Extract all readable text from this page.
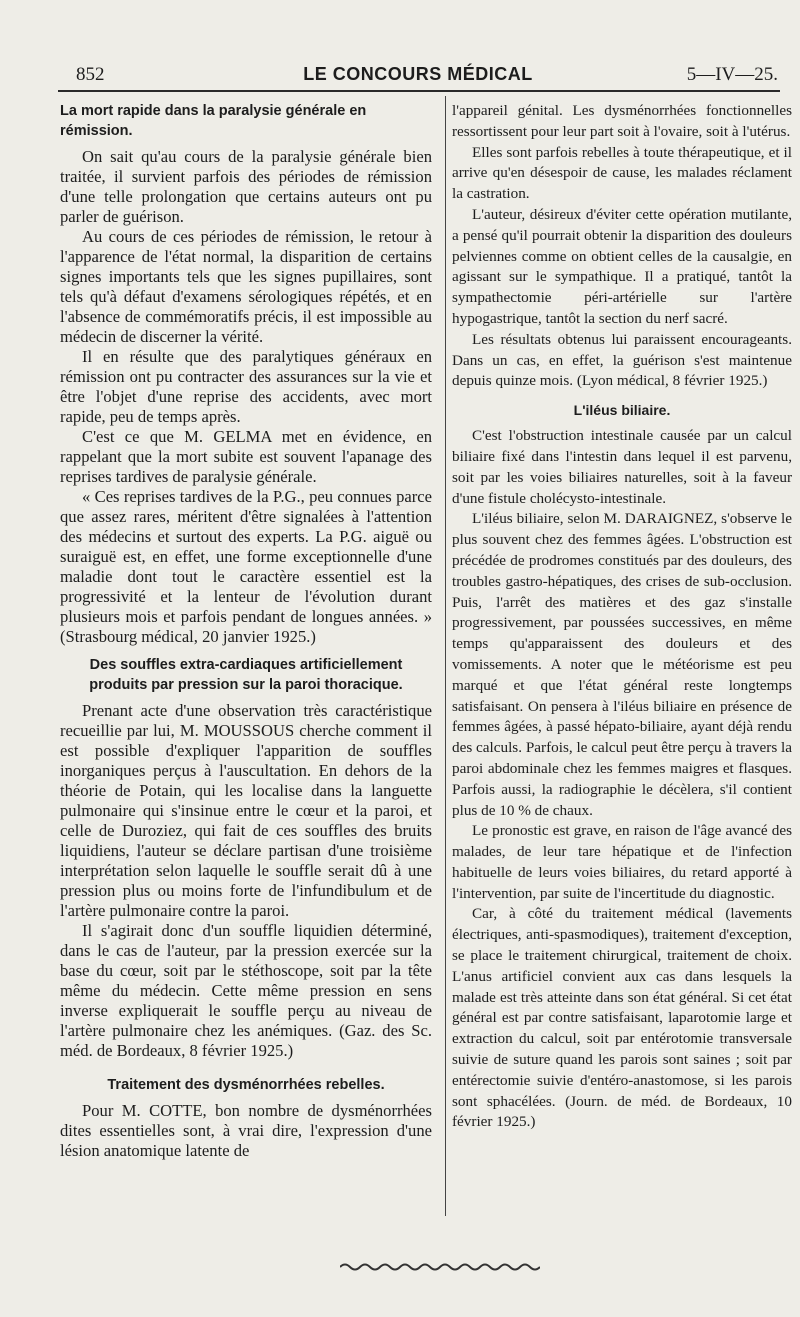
852	LE CONCOURS MÉDICAL	5—IV—25.
La mort rapide dans la paralysie générale en rémission.

On sait qu'au cours de la paralysie générale bien traitée, il survient parfois des périodes de rémission d'une telle prolongation que certains auteurs ont pu parler de guérison.

Au cours de ces périodes de rémission, le retour à l'apparence de l'état normal, la disparition de certains signes importants tels que les signes pupillaires, sont tels qu'à défaut d'examens sérologiques répétés, et en l'absence de commémoratifs précis, il est impossible au médecin de discerner la vérité.

Il en résulte que des paralytiques généraux en rémission ont pu contracter des assurances sur la vie et être l'objet d'une reprise des accidents, avec mort rapide, peu de temps après.

C'est ce que M. GELMA met en évidence, en rappelant que la mort subite est souvent l'apanage des reprises tardives de paralysie générale.

« Ces reprises tardives de la P.G., peu connues parce que assez rares, méritent d'être signalées à l'attention des médecins et surtout des experts. La P.G. aiguë ou suraiguë est, en effet, une forme exceptionnelle d'une maladie dont tout le caractère essentiel est la progressivité et la lenteur de l'évolution durant plusieurs mois et parfois pendant de longues années. » (Strasbourg médical, 20 janvier 1925.)

Des souffles extra-cardiaques artificiellement produits par pression sur la paroi thoracique.

Prenant acte d'une observation très caractéristique recueillie par lui, M. MOUSSOUS cherche comment il est possible d'expliquer l'apparition de souffles inorganiques perçus à l'auscultation. En dehors de la théorie de Potain, qui les localise dans la languette pulmonaire qui s'insinue entre le cœur et la paroi, et celle de Duroziez, qui fait de ces souffles des bruits liquidiens, l'auteur se déclare partisan d'une troisième interprétation selon laquelle le souffle serait dû à une pression plus ou moins forte de l'infundibulum et de l'artère pulmonaire contre la paroi.

Il s'agirait donc d'un souffle liquidien déterminé, dans le cas de l'auteur, par la pression exercée sur la base du cœur, soit par le stéthoscope, soit par la tête même du médecin. Cette même pression en sens inverse expliquerait le souffle perçu au niveau de l'artère pulmonaire chez les anémiques. (Gaz. des Sc. méd. de Bordeaux, 8 février 1925.)

Traitement des dysménorrhées rebelles.

Pour M. COTTE, bon nombre de dysménorrhées dites essentielles sont, à vrai dire, l'expression d'une lésion anatomique latente de

l'appareil génital. Les dysménorrhées fonctionnelles ressortissent pour leur part soit à l'ovaire, soit à l'utérus.

Elles sont parfois rebelles à toute thérapeutique, et il arrive qu'en désespoir de cause, les malades réclament la castration.

L'auteur, désireux d'éviter cette opération mutilante, a pensé qu'il pourrait obtenir la disparition des douleurs pelviennes comme on obtient celles de la causalgie, en agissant sur le sympathique. Il a pratiqué, tantôt la sympathectomie péri-artérielle sur l'artère hypogastrique, tantôt la section du nerf sacré.

Les résultats obtenus lui paraissent encourageants. Dans un cas, en effet, la guérison s'est maintenue depuis quinze mois. (Lyon médical, 8 février 1925.)

L'iléus biliaire.

C'est l'obstruction intestinale causée par un calcul biliaire fixé dans l'intestin dans lequel il est parvenu, soit par les voies biliaires naturelles, soit à la faveur d'une fistule cholécysto-intestinale.

L'iléus biliaire, selon M. DARAIGNEZ, s'observe le plus souvent chez des femmes âgées. L'obstruction est précédée de prodromes constitués par des douleurs, des troubles gastro-hépatiques, des crises de sub-occlusion. Puis, l'arrêt des matières et des gaz s'installe progressivement, par poussées successives, en même temps qu'apparaissent des douleurs et des vomissements. A noter que le météorisme est peu marqué et que l'état général reste longtemps satisfaisant. On pensera à l'iléus biliaire en présence de femmes âgées, à passé hépato-biliaire, ayant déjà rendu des calculs. Parfois, le calcul peut être perçu à travers la paroi abdominale chez les femmes maigres et flasques. Parfois aussi, la radiographie le décèlera, s'il contient plus de 10 % de chaux.

Le pronostic est grave, en raison de l'âge avancé des malades, de leur tare hépatique et de l'infection habituelle de leurs voies biliaires, du retard apporté à l'intervention, par suite de l'incertitude du diagnostic.

Car, à côté du traitement médical (lavements électriques, anti-spasmodiques), traitement d'exception, se place le traitement chirurgical, traitement de choix. L'anus artificiel convient aux cas dans lesquels la malade est très atteinte dans son état général. Si cet état général est par contre satisfaisant, laparotomie large et extraction du calcul, soit par entérotomie transversale suivie de suture quand les parois sont saines ; soit par entérectomie suivie d'entéro-anastomose, si les parois sont sphacélées. (Journ. de méd. de Bordeaux, 10 février 1925.)
